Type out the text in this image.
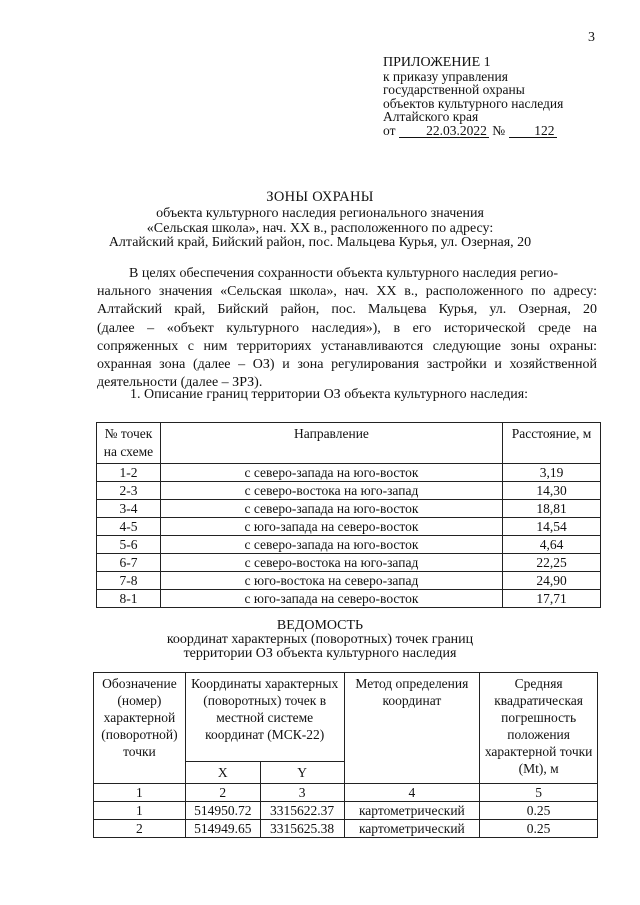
3
ПРИЛОЖЕНИЕ 1
к приказу управления
государственной охраны
объектов культурного наследия
Алтайского края
от 22.03.2022 № 122
ЗОНЫ ОХРАНЫ
объекта культурного наследия регионального значения
«Сельская школа», нач. XX в., расположенного по адресу:
Алтайский край, Бийский район, пос. Мальцева Курья, ул. Озерная, 20
В целях обеспечения сохранности объекта культурного наследия регио-
нального значения «Сельская школа», нач. XX в., расположенного по адресу:
Алтайский край, Бийский район, пос. Мальцева Курья, ул. Озерная, 20
(далее – «объект культурного наследия»), в его исторической среде на
сопряженных с ним территориях устанавливаются следующие зоны охраны:
охранная зона (далее – ОЗ) и зона регулирования застройки и хозяйственной
деятельности (далее – ЗРЗ).
1. Описание границ территории ОЗ объекта культурного наследия:
№ точек на схеме	Направление	Расстояние, м
1-2	с северо-запада на юго-восток	3,19
2-3	с северо-востока на юго-запад	14,30
3-4	с северо-запада на юго-восток	18,81
4-5	с юго-запада на северо-восток	14,54
5-6	с северо-запада на юго-восток	4,64
6-7	с северо-востока на юго-запад	22,25
7-8	с юго-востока на северо-запад	24,90
8-1	с юго-запада на северо-восток	17,71
ВЕДОМОСТЬ
координат характерных (поворотных) точек границ
территории ОЗ объекта культурного наследия
Обозначение (номер) характерной (поворотной) точки	Координаты характерных (поворотных) точек в местной системе координат (МСК-22)		Метод определения координат	Средняя квадратическая погрешность положения характерной точки (Mt), м
	X	Y		
1	2	3	4	5
1	514950.72	3315622.37	картометрический	0.25
2	514949.65	3315625.38	картометрический	0.25
